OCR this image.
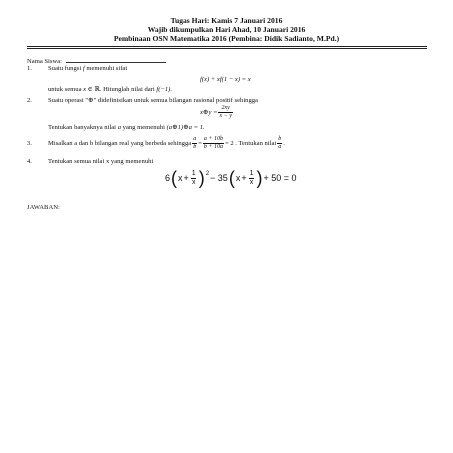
Tugas Hari: Kamis 7 Januari 2016
Wajib dikumpulkan Hari Ahad, 10 Januari 2016
Pembinaan OSN Matematika 2016 (Pembina: Didik Sadianto, M.Pd.)
Nama Siswa:
1. Suatu fungsi f memenuhi sifat
f(x) + xf(1 − x) = x
untuk semua x ∈ ℝ. Hitunglah nilai dari f(−1).
2. Suatu operasi "⊕" didefinisikan untuk semua bilangan rasional positif sehingga
x⊕y = $\frac{2xy}{x - y}$
Tentukan banyaknya nilai a yang memenuhi (a⊕1)⊕a = 1.
3. Misalkan a dan b bilangan real yang berbeda sehingga $\frac{a}{b} = \frac{a + 10b}{b + 10a} = 2$ . Tentukan nilai $\frac{b}{a}$ .
4. Tentukan semua nilai x yang memenuhi
6 ( $x + \frac{1}{x}$ ) 2 − 35 ( $x + \frac{1}{x}$ ) + 50 = 0
JAWABAN:
